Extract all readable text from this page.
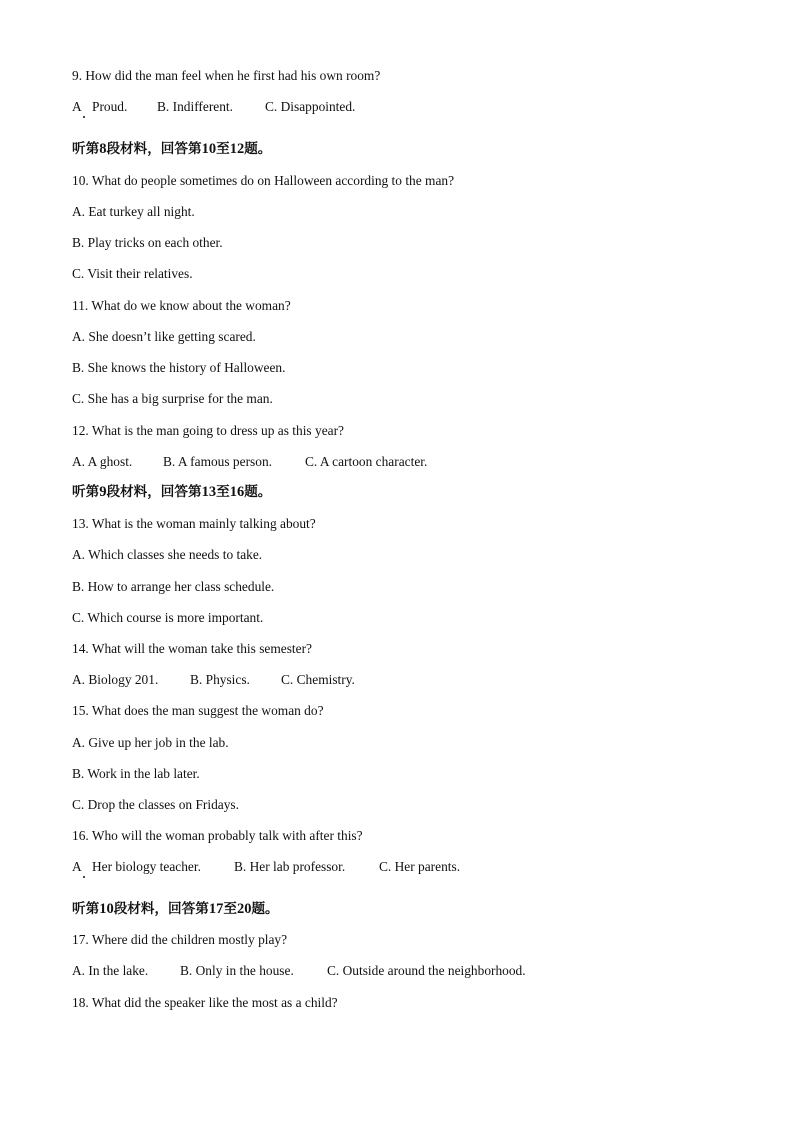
9. How did the man feel when he first had his own room?
A Proud. B. Indifferent. C. Disappointed.
听第8段材料，回答第10至12题。
10. What do people sometimes do on Halloween according to the man?
A. Eat turkey all night.
B. Play tricks on each other.
C. Visit their relatives.
11. What do we know about the woman?
A. She doesn’t like getting scared.
B. She knows the history of Halloween.
C. She has a big surprise for the man.
12. What is the man going to dress up as this year?
A. A ghost. B. A famous person. C. A cartoon character.
听第9段材料，回答第13至16题。
13. What is the woman mainly talking about?
A. Which classes she needs to take.
B. How to arrange her class schedule.
C. Which course is more important.
14. What will the woman take this semester?
A. Biology 201. B. Physics. C. Chemistry.
15. What does the man suggest the woman do?
A. Give up her job in the lab.
B. Work in the lab later.
C. Drop the classes on Fridays.
16. Who will the woman probably talk with after this?
A Her biology teacher. B. Her lab professor.	C. Her parents.
听第10段材料，回答第17至20题。
17. Where did the children mostly play?
A. In the lake. B. Only in the house. C. Outside around the neighborhood.
18. What did the speaker like the most as a child?
